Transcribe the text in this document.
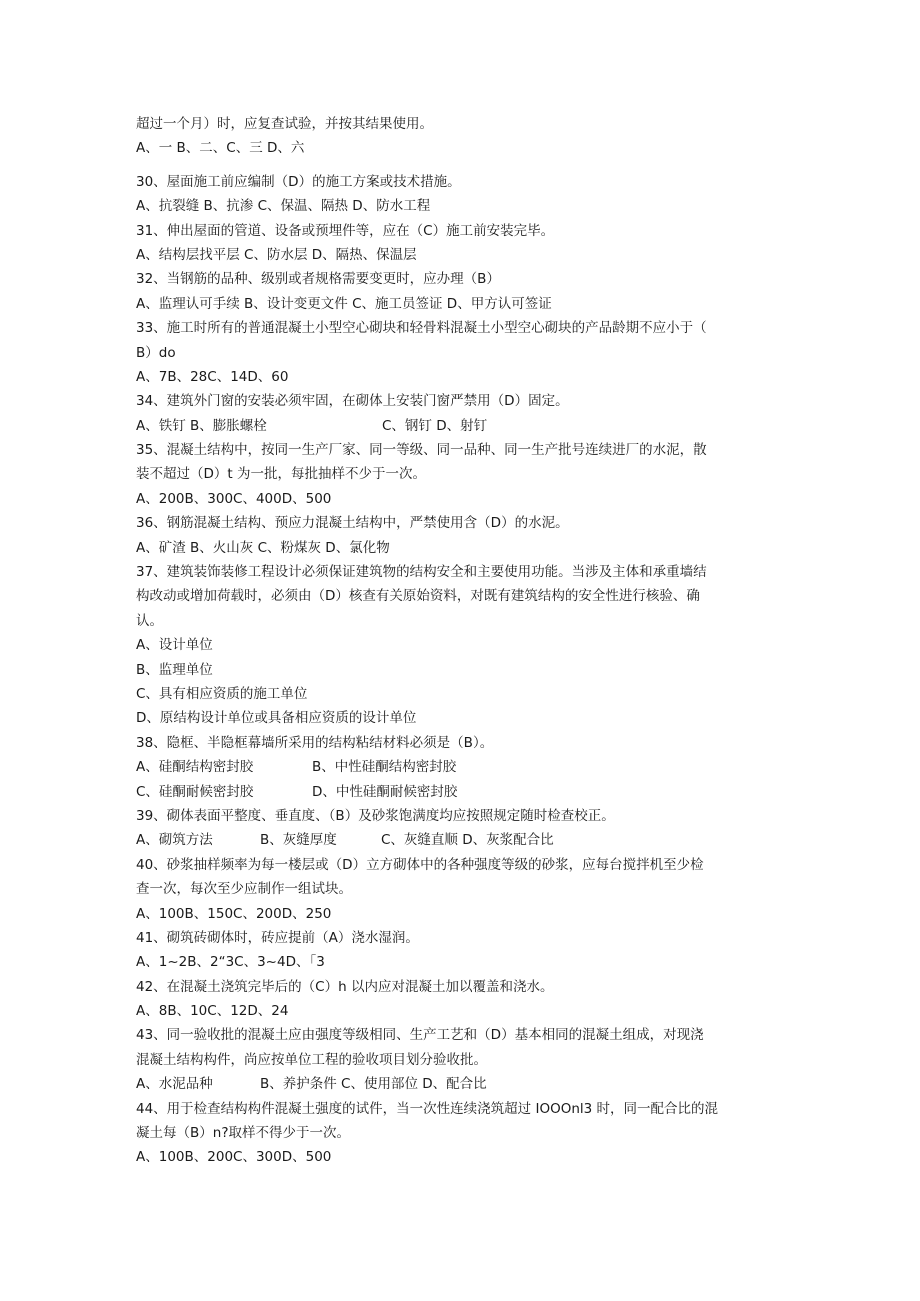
超过一个月）时，应复查试验，并按其结果使用。
A、一 B、二、C、三 D、六
30、屋面施工前应编制（D）的施工方案或技术措施。
A、抗裂缝 B、抗渗 C、保温、隔热 D、防水工程
31、伸出屋面的管道、设备或预埋件等，应在（C）施工前安装完毕。
A、结构层找平层 C、防水层 D、隔热、保温层
32、当钢筋的品种、级别或者规格需要变更时，应办理（B）
A、监理认可手续 B、设计变更文件 C、施工员签证 D、甲方认可签证
33、施工时所有的普通混凝土小型空心砌块和轻骨料混凝土小型空心砌块的产品龄期不应小于（
B）do
A、7B、28C、14D、60
34、建筑外门窗的安装必须牢固，在砌体上安装门窗严禁用（D）固定。
A、铁钉 B、膨胀螺栓	C、钢钉 D、射钉
35、混凝土结构中，按同一生产厂家、同一等级、同一品种、同一生产批号连续进厂的水泥，散
装不超过（D）t 为一批，每批抽样不少于一次。
A、200B、300C、400D、500
36、钢筋混凝土结构、预应力混凝土结构中，严禁使用含（D）的水泥。
A、矿渣 B、火山灰 C、粉煤灰 D、氯化物
37、建筑装饰装修工程设计必须保证建筑物的结构安全和主要使用功能。当涉及主体和承重墙结
构改动或增加荷载时，必须由（D）核查有关原始资料，对既有建筑结构的安全性进行核验、确
认。
A、设计单位
B、监理单位
C、具有相应资质的施工单位
D、原结构设计单位或具备相应资质的设计单位
38、隐框、半隐框幕墙所采用的结构粘结材料必须是（B）。
A、硅酮结构密封胶	B、中性硅酮结构密封胶
C、硅酮耐候密封胶	D、中性硅酮耐候密封胶
39、砌体表面平整度、垂直度、（B）及砂浆饱满度均应按照规定随时检查校正。
A、砌筑方法	B、灰缝厚度	C、灰缝直顺 D、灰浆配合比
40、砂浆抽样频率为每一楼层或（D）立方砌体中的各种强度等级的砂浆，应每台搅拌机至少检
查一次，每次至少应制作一组试块。
A、100B、150C、200D、250
41、砌筑砖砌体时，砖应提前（A）浇水湿润。
A、1~2B、2“3C、3~4D、「3
42、在混凝土浇筑完毕后的（C）h 以内应对混凝土加以覆盖和浇水。
A、8B、10C、12D、24
43、同一验收批的混凝土应由强度等级相同、生产工艺和（D）基本相同的混凝土组成，对现浇
混凝土结构构件，尚应按单位工程的验收项目划分验收批。
A、水泥品种	B、养护条件 C、使用部位 D、配合比
44、用于检查结构构件混凝土强度的试件，当一次性连续浇筑超过 IOOOnl3 时，同一配合比的混
凝土每（B）n?取样不得少于一次。
A、100B、200C、300D、500
